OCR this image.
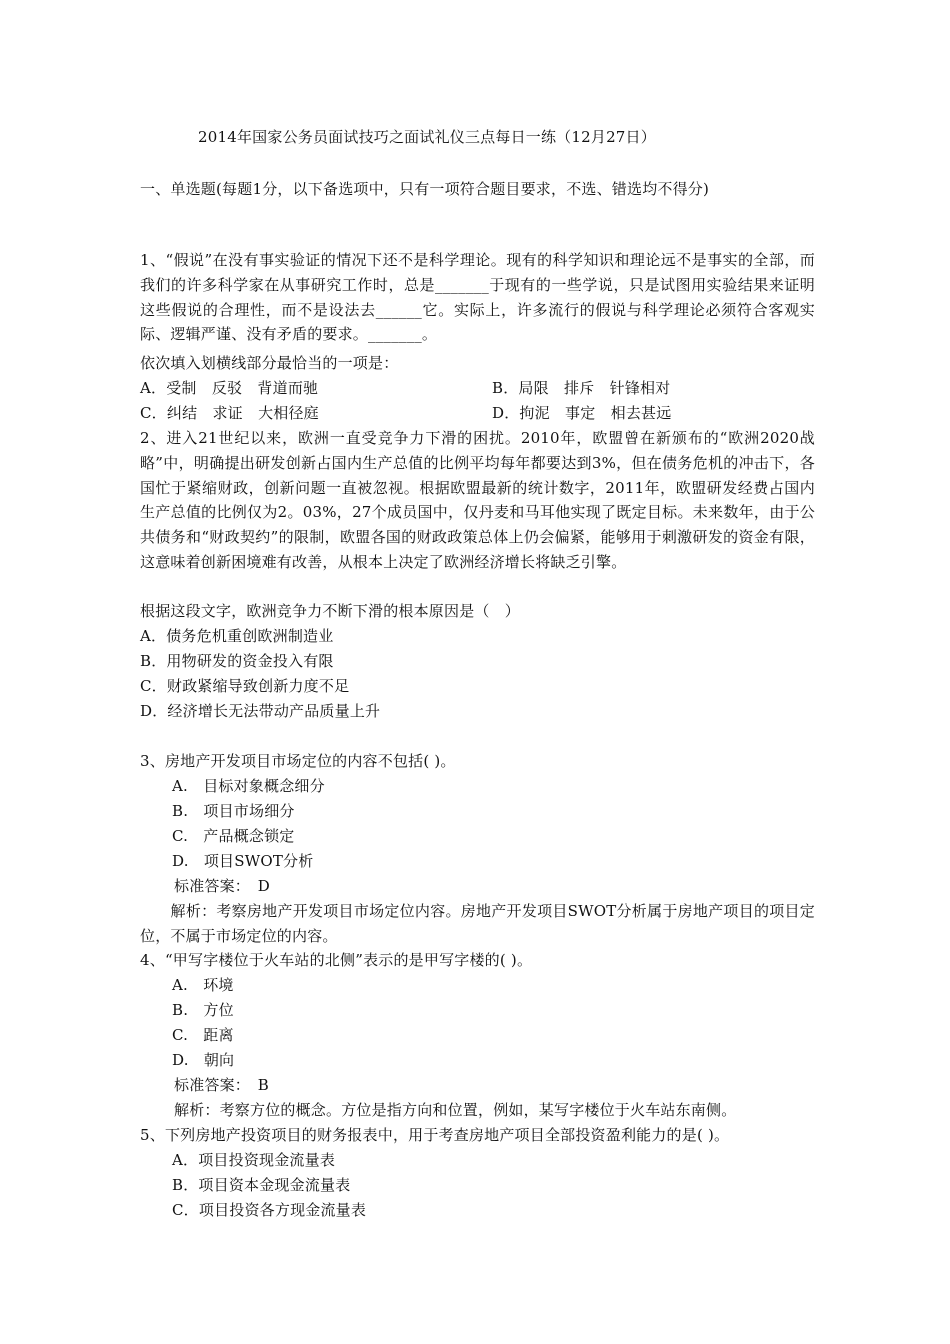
2014年国家公务员面试技巧之面试礼仪三点每日一练（12月27日）
一、单选题(每题1分，以下备选项中，只有一项符合题目要求，不选、错选均不得分)
1、“假说”在没有事实验证的情况下还不是科学理论。现有的科学知识和理论远不是事实的全部，而我们的许多科学家在从事研究工作时，总是_______于现有的一些学说，只是试图用实验结果来证明这些假说的合理性，而不是设法去______它。实际上，许多流行的假说与科学理论必须符合客观实际、逻辑严谨、没有矛盾的要求。_______。
依次填入划横线部分最恰当的一项是：
A．受制　反驳　背道而驰	B．局限　排斥　针锋相对
C．纠结　求证　大相径庭	D．拘泥　事定　相去甚远
2、进入21世纪以来，欧洲一直受竞争力下滑的困扰。2010年，欧盟曾在新颁布的“欧洲2020战略”中，明确提出研发创新占国内生产总值的比例平均每年都要达到3%，但在债务危机的冲击下，各国忙于紧缩财政，创新问题一直被忽视。根据欧盟最新的统计数字，2011年，欧盟研发经费占国内生产总值的比例仅为2。03%，27个成员国中，仅丹麦和马耳他实现了既定目标。未来数年，由于公共债务和“财政契约”的限制，欧盟各国的财政政策总体上仍会偏紧，能够用于刺激研发的资金有限，这意味着创新困境难有改善，从根本上决定了欧洲经济增长将缺乏引擎。
根据这段文字，欧洲竞争力不断下滑的根本原因是（　）
A．债务危机重创欧洲制造业
B．用物研发的资金投入有限
C．财政紧缩导致创新力度不足
D．经济增长无法带动产品质量上升
3、房地产开发项目市场定位的内容不包括( )。
A.　目标对象概念细分
B.　项目市场细分
C.　产品概念锁定
D.　项目SWOT分析
标准答案：　D
　　解析：考察房地产开发项目市场定位内容。房地产开发项目SWOT分析属于房地产项目的项目定位，不属于市场定位的内容。
4、“甲写字楼位于火车站的北侧”表示的是甲写字楼的( )。
A.　环境
B.　方位
C.　距离
D.　朝向
标准答案：　B
解析：考察方位的概念。方位是指方向和位置，例如，某写字楼位于火车站东南侧。
5、下列房地产投资项目的财务报表中，用于考查房地产项目全部投资盈利能力的是( )。
A．项目投资现金流量表
B．项目资本金现金流量表
C．项目投资各方现金流量表
